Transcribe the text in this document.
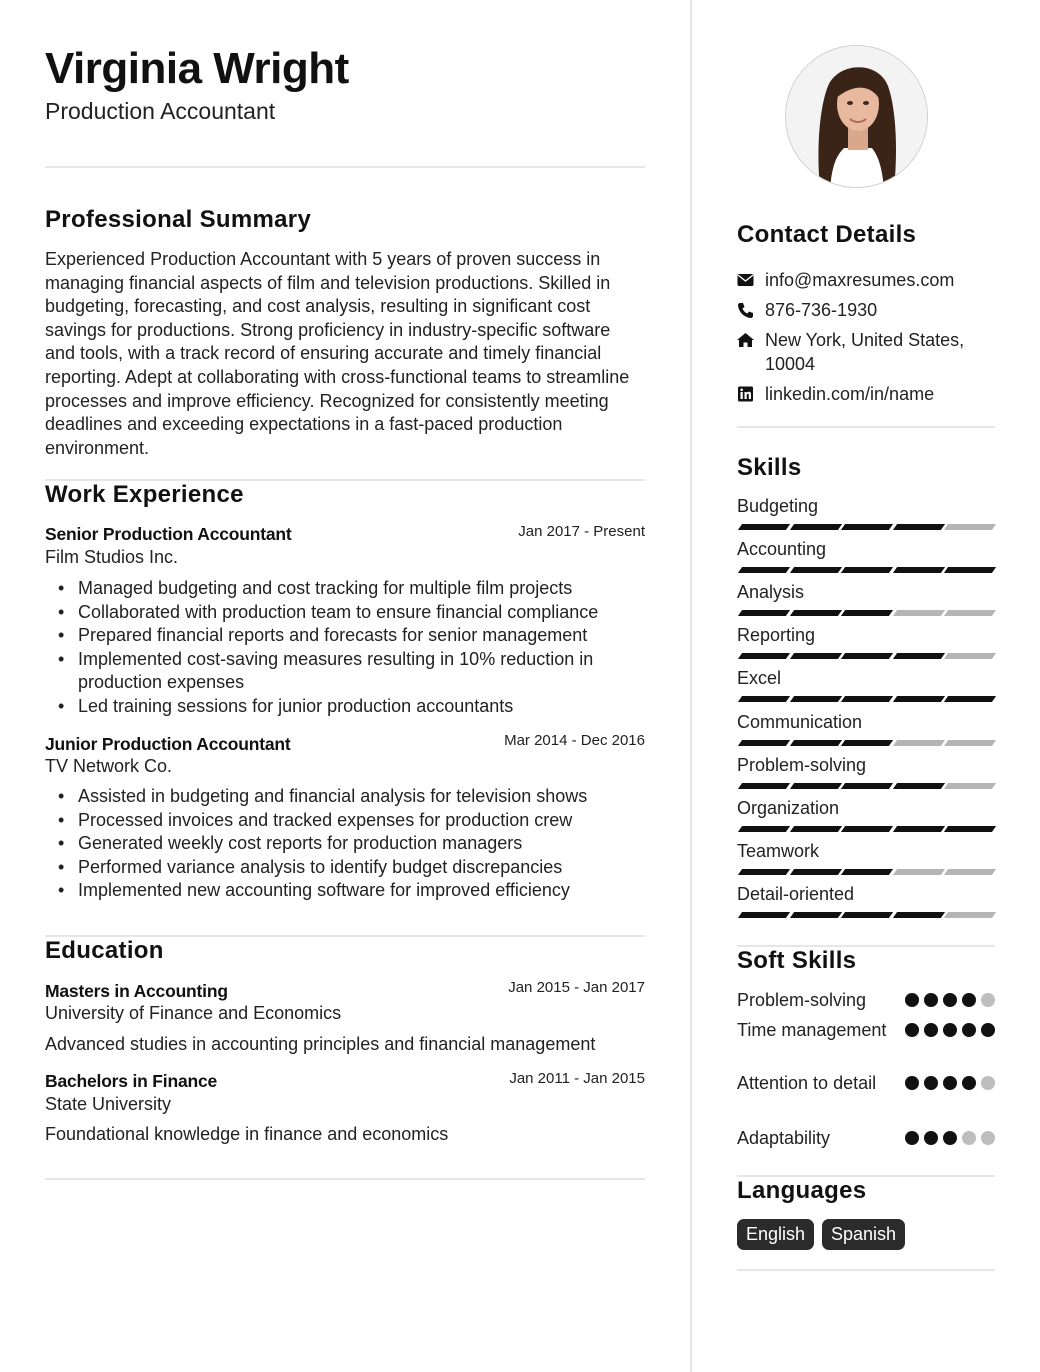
Virginia Wright
Production Accountant
Professional Summary
Experienced Production Accountant with 5 years of proven success in managing financial aspects of film and television productions. Skilled in budgeting, forecasting, and cost analysis, resulting in significant cost savings for productions. Strong proficiency in industry-specific software and tools, with a track record of ensuring accurate and timely financial reporting. Adept at collaborating with cross-functional teams to streamline processes and improve efficiency. Recognized for consistently meeting deadlines and exceeding expectations in a fast-paced production environment.
Work Experience
Senior Production Accountant	Jan 2017 - Present
Film Studios Inc.
• Managed budgeting and cost tracking for multiple film projects
• Collaborated with production team to ensure financial compliance
• Prepared financial reports and forecasts for senior management
• Implemented cost-saving measures resulting in 10% reduction in production expenses
• Led training sessions for junior production accountants
Junior Production Accountant	Mar 2014 - Dec 2016
TV Network Co.
• Assisted in budgeting and financial analysis for television shows
• Processed invoices and tracked expenses for production crew
• Generated weekly cost reports for production managers
• Performed variance analysis to identify budget discrepancies
• Implemented new accounting software for improved efficiency
Education
Masters in Accounting	Jan 2015 - Jan 2017
University of Finance and Economics
Advanced studies in accounting principles and financial management
Bachelors in Finance	Jan 2011 - Jan 2015
State University
Foundational knowledge in finance and economics
Contact Details
info@maxresumes.com
876-736-1930
New York, United States, 10004
linkedin.com/in/name
Skills
Budgeting
Accounting
Analysis
Reporting
Excel
Communication
Problem-solving
Organization
Teamwork
Detail-oriented
Soft Skills
Problem-solving
Time management
Attention to detail
Adaptability
Languages
English	Spanish
